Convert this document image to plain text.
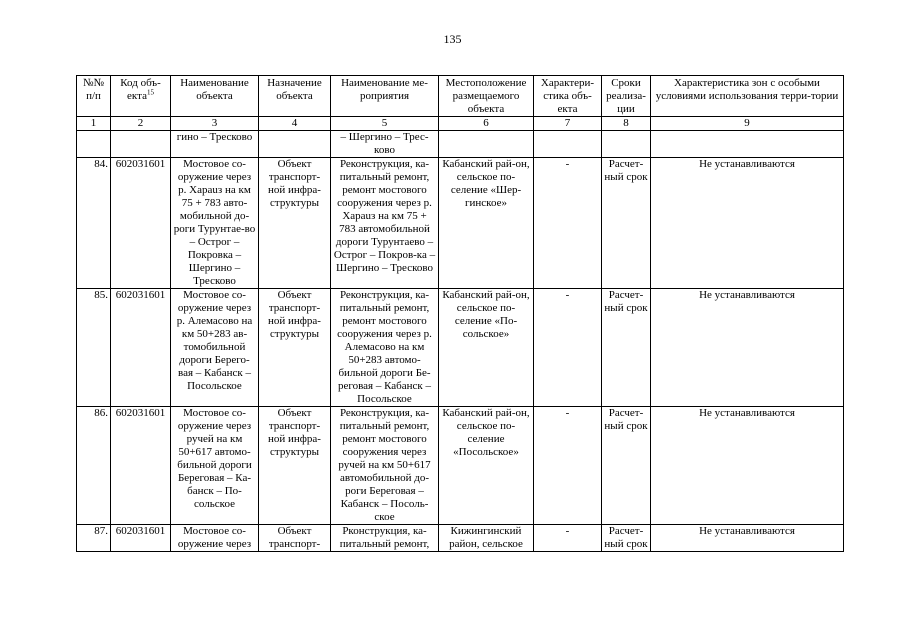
135
№№ п/п	Код объ-екта$^{15}$	Наименование объекта	Назначение объекта	Наименование ме-роприятия	Местоположение размещаемого объекта	Характери-стика объ-екта	Сроки реализа-ции	Характеристика зон с особыми условиями использования терри-тории
1	2	3	4	5	6	7	8	9
		гино – Тресково		– Шергино – Трес-ково				
84.	602031601	Мостовое со-оружение через р. Хараuз на км 75 + 783 авто-мобильной до-роги Турунтае-во – Острог – Покровка – Шергино – Тресково	Объект транспорт-ной инфра-структуры	Реконструкция, ка-питальный ремонт, ремонт мостового сооружения через р. Хараuз на км 75 + 783 автомобильной дороги Турунтаево – Острог – Покров-ка – Шергино – Тресково	Кабанский рай-он, сельское по-селение «Шер-гинское»	-	Расчет-ный срок	Не устанавливаются
85.	602031601	Мостовое со-оружение через р. Алемасово на км 50+283 ав-томобильной дороги Берего-вая – Кабанск – Посольское	Объект транспорт-ной инфра-структуры	Реконструкция, ка-питальный ремонт, ремонт мостового сооружения через р. Алемасово на км 50+283 автомо-бильной дороги Бе-реговая – Кабанск – Посольское	Кабанский рай-он, сельское по-селение «По-сольское»	-	Расчет-ный срок	Не устанавливаются
86.	602031601	Мостовое со-оружение через ручей на км 50+617 автомо-бильной дороги Береговая – Ка-банск – По-сольское	Объект транспорт-ной инфра-структуры	Реконструкция, ка-питальный ремонт, ремонт мостового сооружения через ручей на км 50+617 автомобильной до-роги Береговая – Кабанск – Посоль-ское	Кабанский рай-он, сельское по-селение «Посольское»	-	Расчет-ный срок	Не устанавливаются
87.	602031601	Мостовое со-оружение через	Объект транспорт-	Рконструкция, ка-питальный ремонт,	Кижингинский район, сельское	-	Расчет-ный срок	Не устанавливаются
